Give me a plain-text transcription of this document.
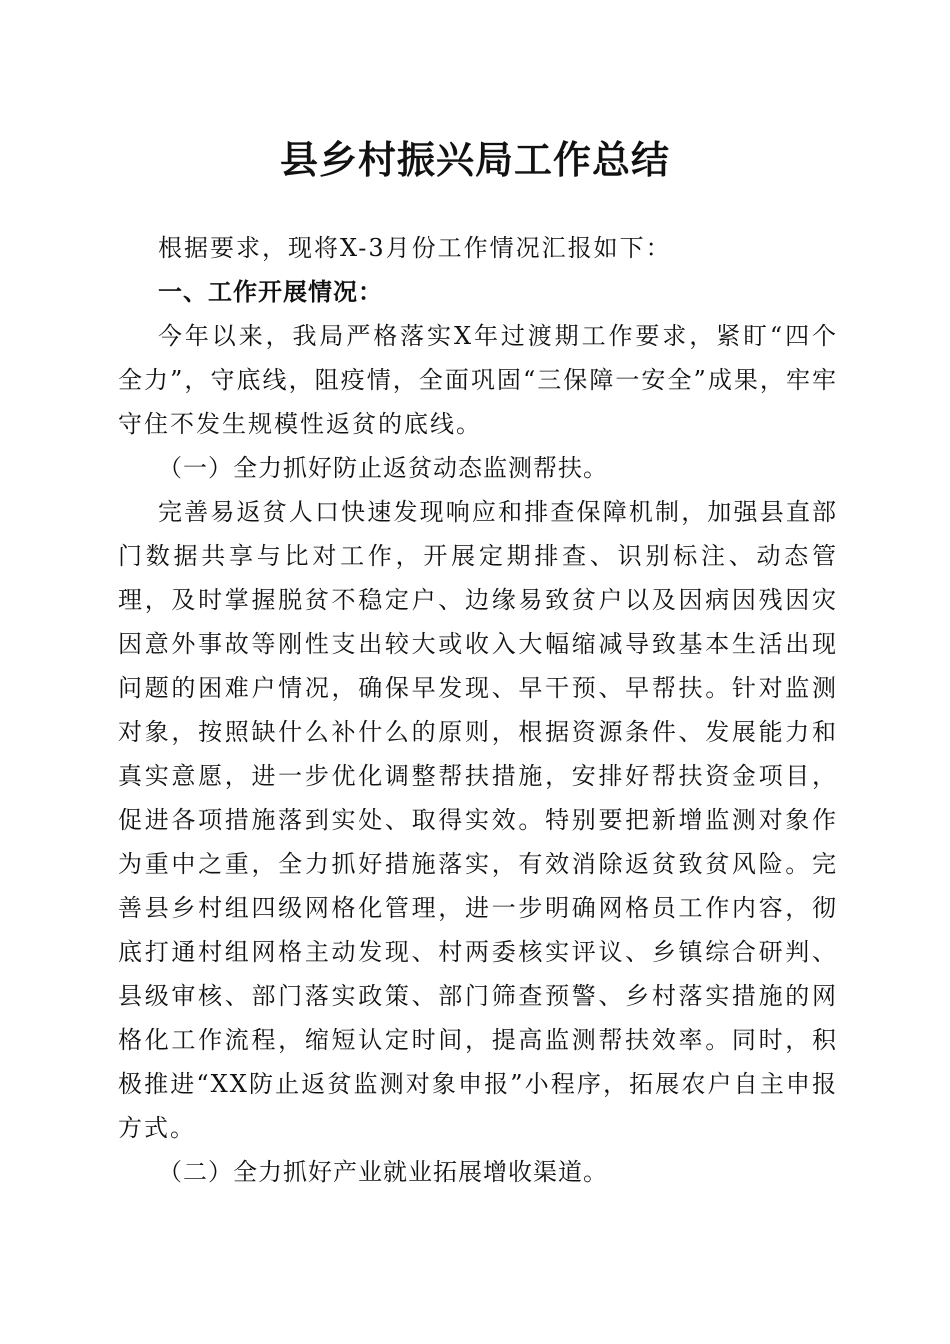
县乡村振兴局工作总结

根据要求，现将X-3月份工作情况汇报如下：

一、工作开展情况：

今年以来，我局严格落实X年过渡期工作要求，紧盯“四个全力”，守底线，阻疫情，全面巩固“三保障一安全”成果，牢牢守住不发生规模性返贫的底线。

（一）全力抓好防止返贫动态监测帮扶。

完善易返贫人口快速发现响应和排查保障机制，加强县直部门数据共享与比对工作，开展定期排查、识别标注、动态管理，及时掌握脱贫不稳定户、边缘易致贫户以及因病因残因灾因意外事故等刚性支出较大或收入大幅缩减导致基本生活出现问题的困难户情况，确保早发现、早干预、早帮扶。针对监测对象，按照缺什么补什么的原则，根据资源条件、发展能力和真实意愿，进一步优化调整帮扶措施，安排好帮扶资金项目，促进各项措施落到实处、取得实效。特别要把新增监测对象作为重中之重，全力抓好措施落实，有效消除返贫致贫风险。完善县乡村组四级网格化管理，进一步明确网格员工作内容，彻底打通村组网格主动发现、村两委核实评议、乡镇综合研判、县级审核、部门落实政策、部门筛查预警、乡村落实措施的网格化工作流程，缩短认定时间，提高监测帮扶效率。同时，积极推进“XX防止返贫监测对象申报”小程序，拓展农户自主申报方式。

（二）全力抓好产业就业拓展增收渠道。
